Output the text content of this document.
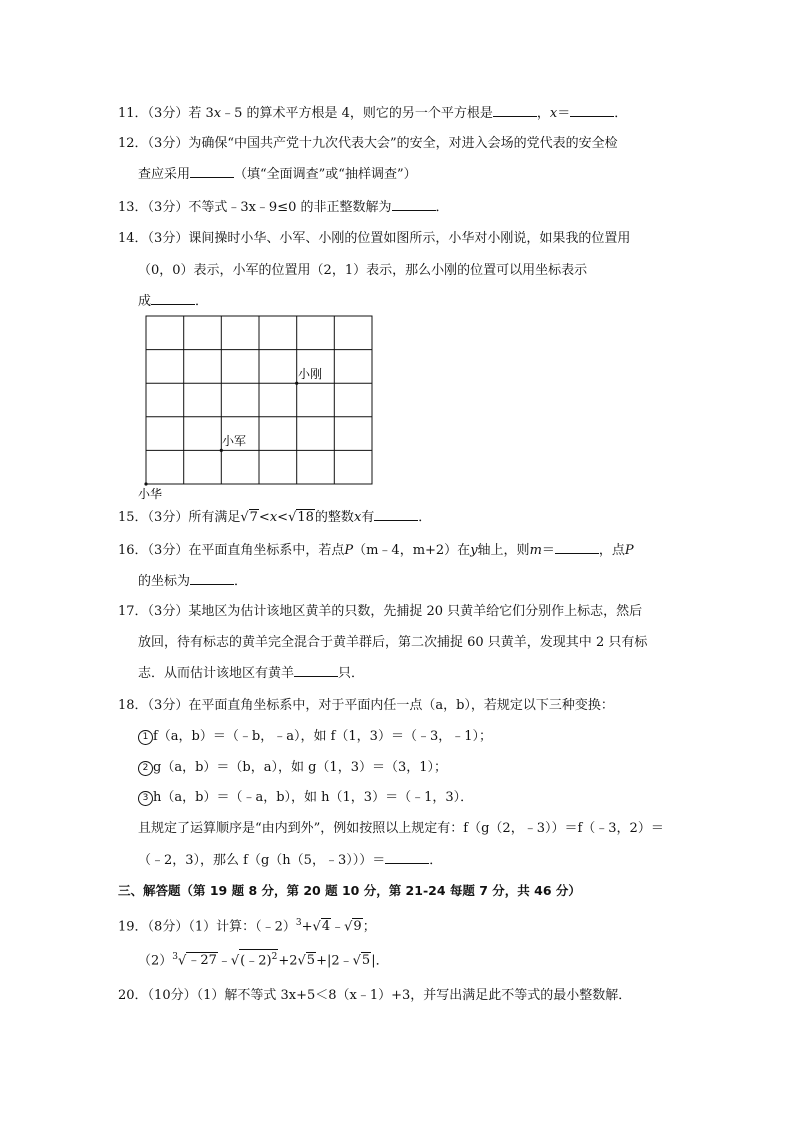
11．（3分）若 3x﹣5 的算术平方根是 4，则它的另一个平方根是	，x＝	．
12．（3分）为确保“中国共产党十九次代表大会”的安全，对进入会场的党代表的安全检
查应采用	（填“全面调查”或“抽样调查”）
13．（3分）不等式﹣3x﹣9≤0 的非正整数解为	．
14．（3分）课间操时小华、小军、小刚的位置如图所示，小华对小刚说，如果我的位置用
（0，0）表示，小军的位置用（2，1）表示，那么小刚的位置可以用坐标表示
成	．
小刚
小军
小华
15．（3分）所有满足√7<x<√18的整数x有	．
16．（3分）在平面直角坐标系中，若点P（m﹣4，m+2）在y轴上，则m＝	，点P
的坐标为	．
17．（3分）某地区为估计该地区黄羊的只数，先捕捉 20 只黄羊给它们分别作上标志，然后
放回，待有标志的黄羊完全混合于黄羊群后，第二次捕捉 60 只黄羊，发现其中 2 只有标
志．从而估计该地区有黄羊	只．
18．（3分）在平面直角坐标系中，对于平面内任一点（a，b），若规定以下三种变换：
1 f（a，b）＝（﹣b，﹣a），如 f（1，3）＝（﹣3，﹣1）；
2 g（a，b）＝（b，a），如 g（1，3）＝（3，1）；
3 h（a，b）＝（﹣a，b），如 h（1，3）＝（﹣1，3）．
且规定了运算顺序是“由内到外”，例如按照以上规定有：f（g（2，﹣3））＝f（﹣3，2）＝
（﹣2，3），那么 f（g（h（5，﹣3）））＝	．
三、解答题（第 19 题 8 分，第 20 题 10 分，第 21-24 每题 7 分，共 46 分）
19．（8分）（1）计算：（﹣2）$^3$+√4﹣√9；
$(2)^3√﹣27﹣√(﹣2)^2+2√5+|2﹣√5|$．
20．（10分）（1）解不等式 3x+5＜8（x﹣1）+3，并写出满足此不等式的最小整数解．
